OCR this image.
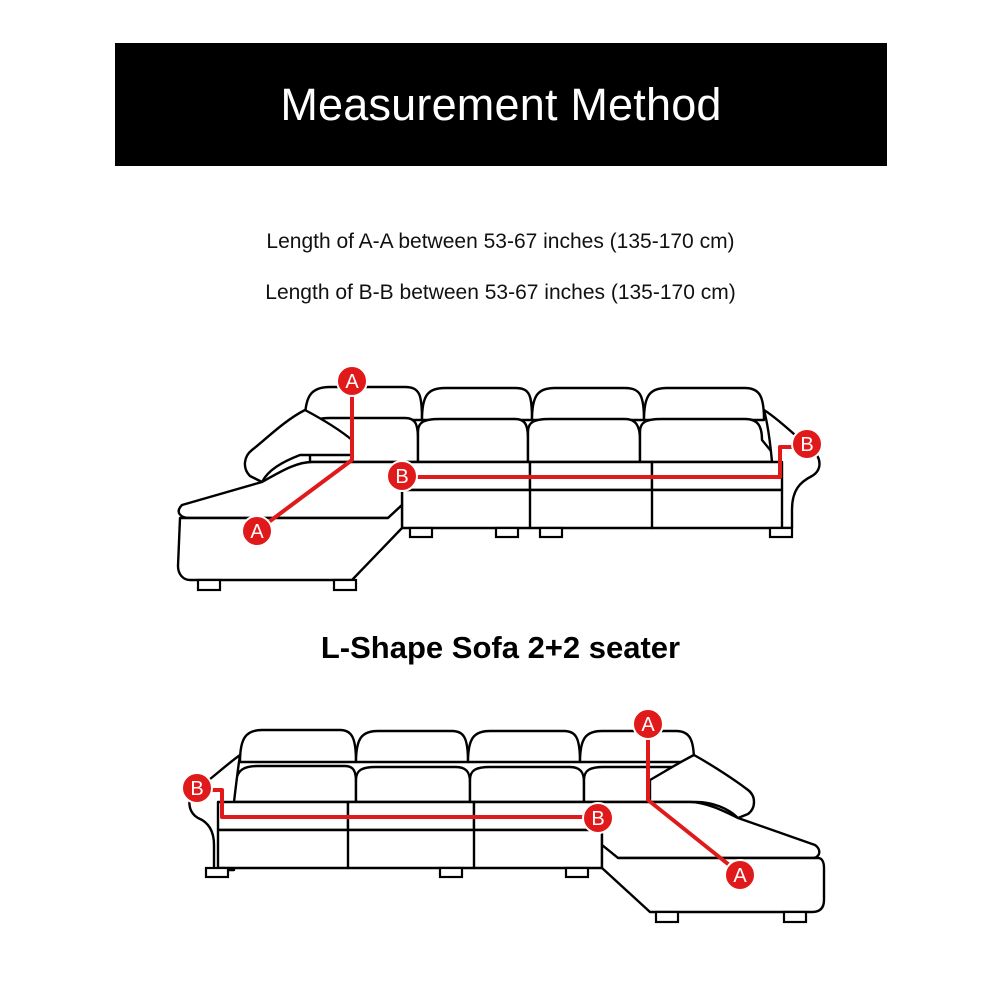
Measurement Method
Length of A-A between 53-67 inches (135-170 cm)
Length of B-B between 53-67 inches (135-170 cm)
L-Shape Sofa 2+2 seater
A
A
B
B
A
A
B
B
